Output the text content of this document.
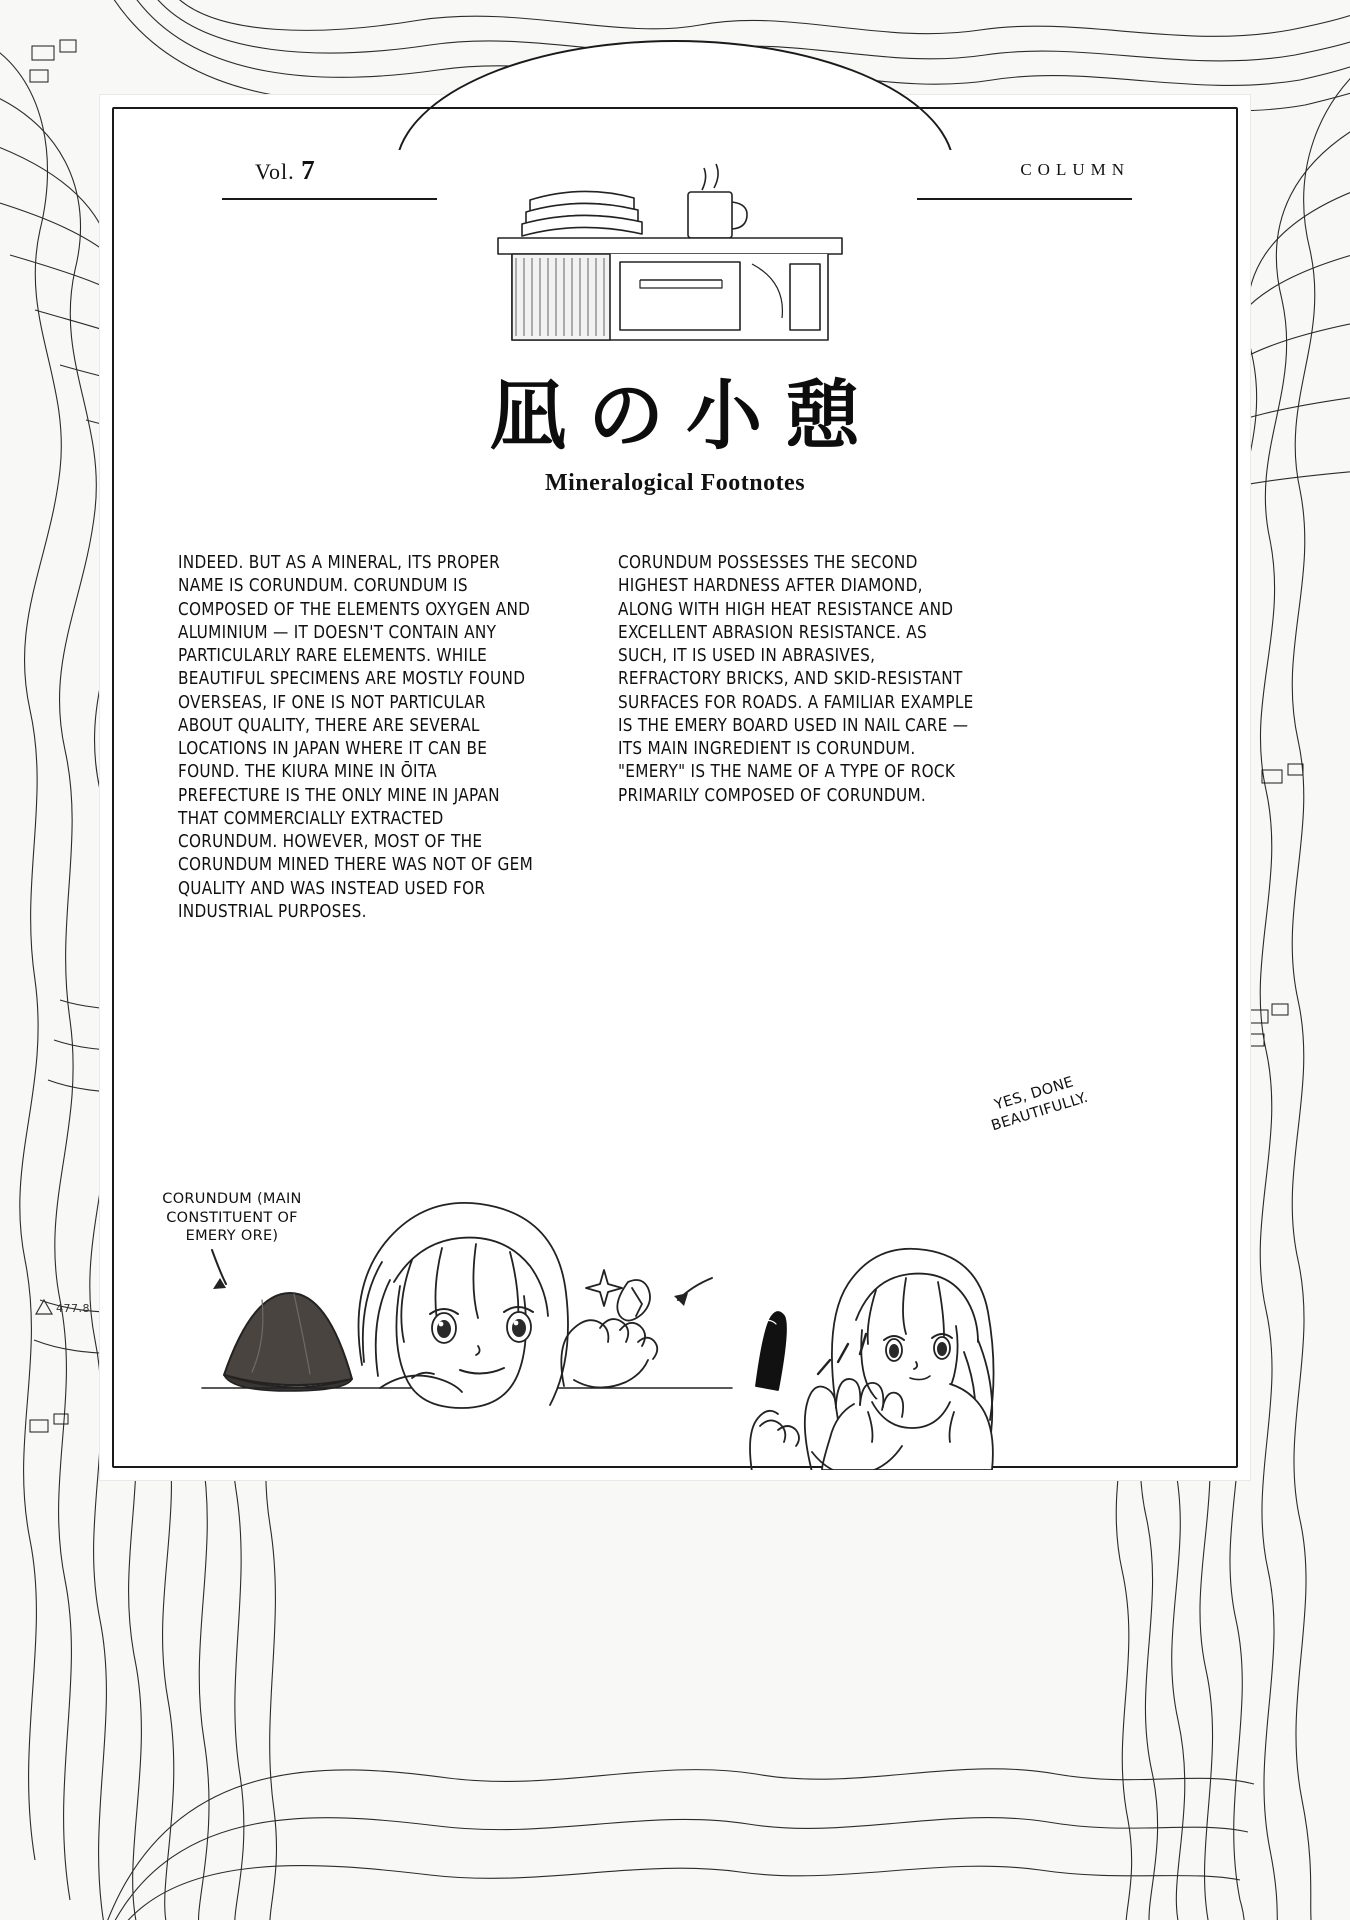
477.8
Vol. 7	COLUMN
凪の小憩
Mineralogical Footnotes

INDEED. BUT AS A MINERAL, ITS PROPER NAME IS CORUNDUM. CORUNDUM IS COMPOSED OF THE ELEMENTS OXYGEN AND ALUMINIUM — IT DOESN'T CONTAIN ANY PARTICULARLY RARE ELEMENTS. WHILE BEAUTIFUL SPECIMENS ARE MOSTLY FOUND OVERSEAS, IF ONE IS NOT PARTICULAR ABOUT QUALITY, THERE ARE SEVERAL LOCATIONS IN JAPAN WHERE IT CAN BE FOUND. THE KIURA MINE IN ŌITA PREFECTURE IS THE ONLY MINE IN JAPAN THAT COMMERCIALLY EXTRACTED CORUNDUM. HOWEVER, MOST OF THE CORUNDUM MINED THERE WAS NOT OF GEM QUALITY AND WAS INSTEAD USED FOR INDUSTRIAL PURPOSES.

CORUNDUM POSSESSES THE SECOND HIGHEST HARDNESS AFTER DIAMOND, ALONG WITH HIGH HEAT RESISTANCE AND EXCELLENT ABRASION RESISTANCE. AS SUCH, IT IS USED IN ABRASIVES, REFRACTORY BRICKS, AND SKID-RESISTANT SURFACES FOR ROADS. A FAMILIAR EXAMPLE IS THE EMERY BOARD USED IN NAIL CARE — ITS MAIN INGREDIENT IS CORUNDUM. "EMERY" IS THE NAME OF A TYPE OF ROCK PRIMARILY COMPOSED OF CORUNDUM.

CORUNDUM (MAIN CONSTITUENT OF EMERY ORE)
YES, DONE BEAUTIFULLY.
